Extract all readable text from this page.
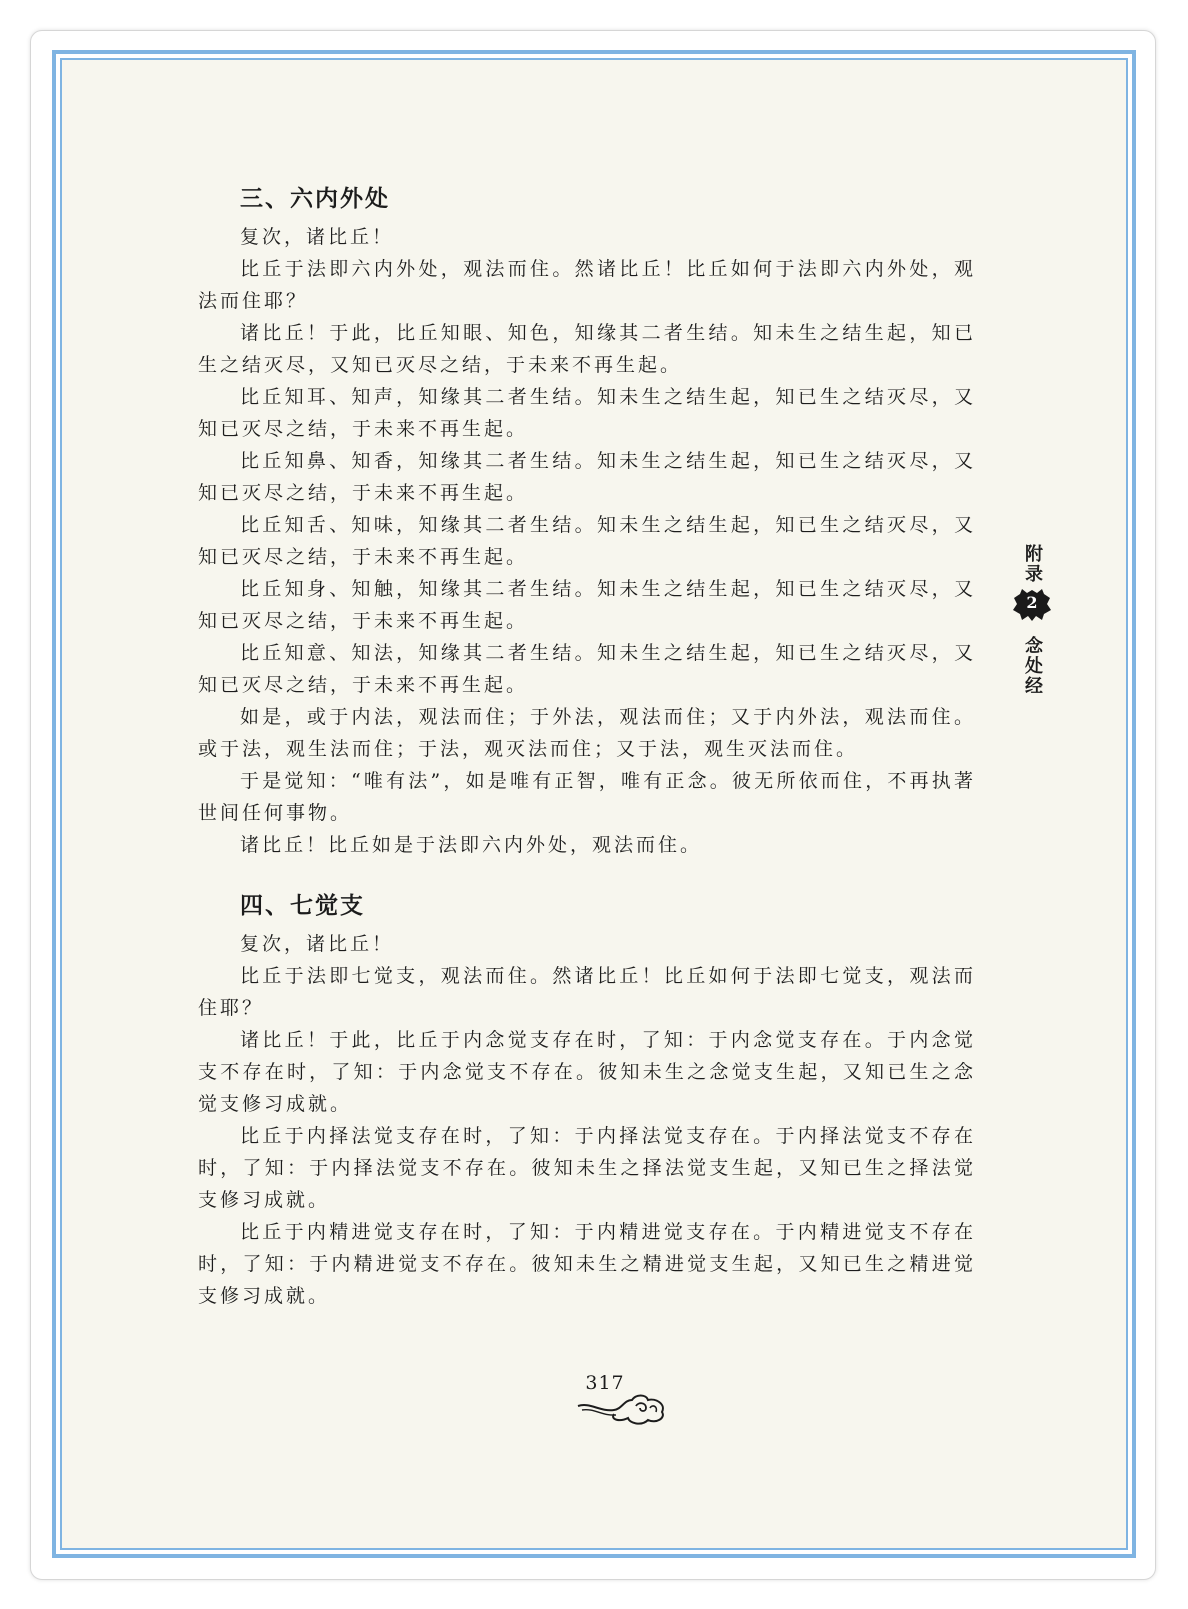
三、六内外处

复次，诸比丘！

比丘于法即六内外处，观法而住。然诸比丘！比丘如何于法即六内外处，观法而住耶？

诸比丘！于此，比丘知眼、知色，知缘其二者生结。知未生之结生起，知已生之结灭尽，又知已灭尽之结，于未来不再生起。

比丘知耳、知声，知缘其二者生结。知未生之结生起，知已生之结灭尽，又知已灭尽之结，于未来不再生起。

比丘知鼻、知香，知缘其二者生结。知未生之结生起，知已生之结灭尽，又知已灭尽之结，于未来不再生起。

比丘知舌、知味，知缘其二者生结。知未生之结生起，知已生之结灭尽，又知已灭尽之结，于未来不再生起。

比丘知身、知触，知缘其二者生结。知未生之结生起，知已生之结灭尽，又知已灭尽之结，于未来不再生起。

比丘知意、知法，知缘其二者生结。知未生之结生起，知已生之结灭尽，又知已灭尽之结，于未来不再生起。

如是，或于内法，观法而住；于外法，观法而住；又于内外法，观法而住。或于法，观生法而住；于法，观灭法而住；又于法，观生灭法而住。

于是觉知：“唯有法”，如是唯有正智，唯有正念。彼无所依而住，不再执著世间任何事物。

诸比丘！比丘如是于法即六内外处，观法而住。

四、七觉支

复次，诸比丘！

比丘于法即七觉支，观法而住。然诸比丘！比丘如何于法即七觉支，观法而住耶？

诸比丘！于此，比丘于内念觉支存在时，了知：于内念觉支存在。于内念觉支不存在时，了知：于内念觉支不存在。彼知未生之念觉支生起，又知已生之念觉支修习成就。

比丘于内择法觉支存在时，了知：于内择法觉支存在。于内择法觉支不存在时，了知：于内择法觉支不存在。彼知未生之择法觉支生起，又知已生之择法觉支修习成就。

比丘于内精进觉支存在时，了知：于内精进觉支存在。于内精进觉支不存在时，了知：于内精进觉支不存在。彼知未生之精进觉支生起，又知已生之精进觉支修习成就。

附录
2
念处经
317
